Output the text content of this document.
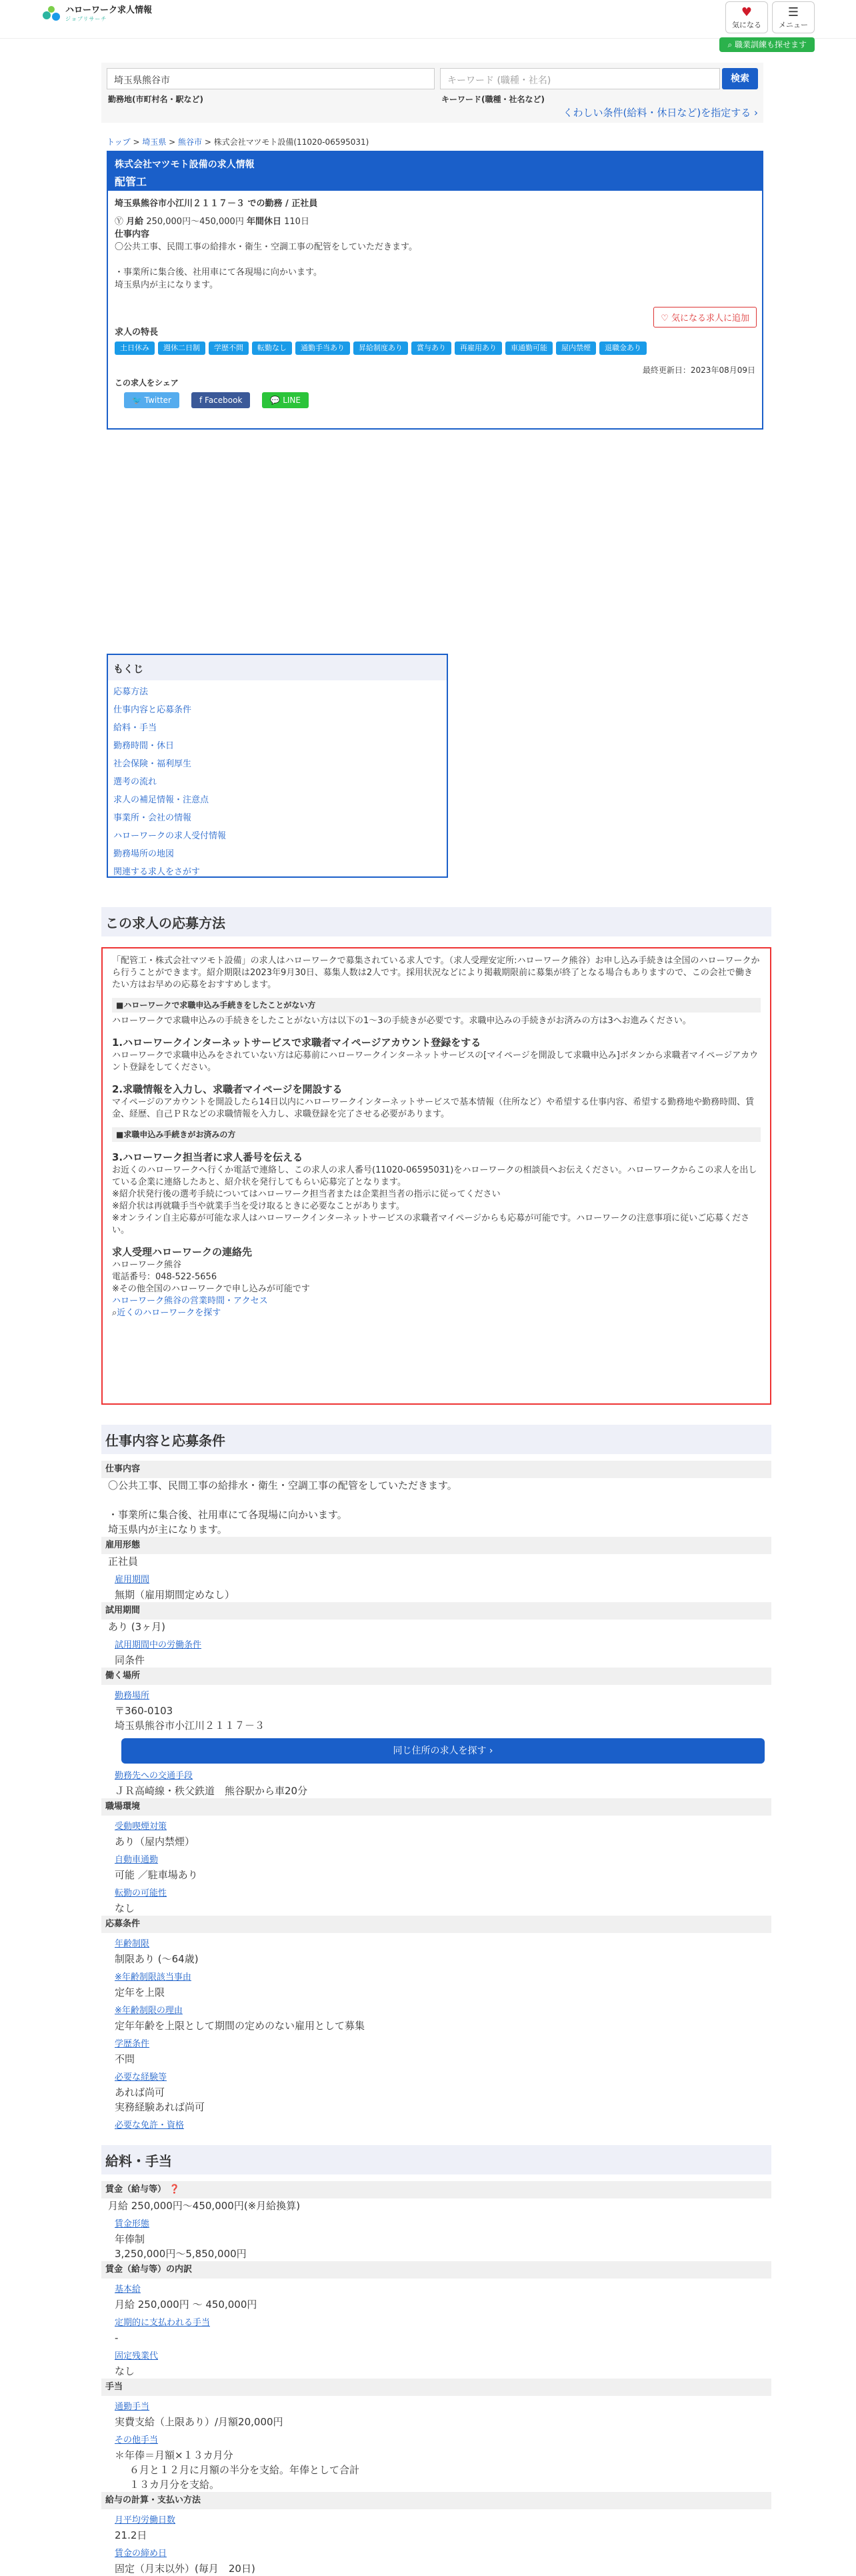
ハローワーク求人情報
ジョブリサーチ	♥
気になる
☰
メニュー
⌕ 職業訓練も探せます
埼玉県熊谷市	キーワード (職種・社名)	検索
勤務地(市町村名・駅など)	キーワード(職種・社名など)
くわしい条件(給料・休日など)を指定する ›
トップ > 埼玉県 > 熊谷市 > 株式会社マツモト設備(11020-06595031)
株式会社マツモト設備の求人情報
配管工
埼玉県熊谷市小江川２１１７－３ での勤務 / 正社員
Ⓨ 月給 250,000円〜450,000円 年間休日 110日
仕事内容
〇公共工事、民間工事の給排水・衛生・空調工事の配管をしていただきます。
・事業所に集合後、社用車にて各現場に向かいます。
埼玉県内が主になります。
求人の特長
土日休み	週休二日制	学歴不問	転勤なし	通勤手当あり	昇給制度あり	賞与あり	再雇用あり	車通勤可能	屋内禁煙	退職金あり
最終更新日：2023年08月09日
この求人をシェア
🐦 Twitter	f Facebook	💬 LINE
♡ 気になる求人に追加
もくじ
応募方法
仕事内容と応募条件
給料・手当
勤務時間・休日
社会保険・福利厚生
選考の流れ
求人の補足情報・注意点
事業所・会社の情報
ハローワークの求人受付情報
勤務場所の地図
関連する求人をさがす
この求人の応募方法

「配管工・株式会社マツモト設備」の求人はハローワークで募集されている求人です。（求人受理安定所:ハローワーク熊谷）お申し込み手続きは全国のハローワークから行うことができます。紹介期限は2023年9月30日、募集人数は2人です。採用状況などにより掲載期限前に募集が終了となる場合もありますので、この会社で働きたい方はお早めの応募をおすすめします。

■ハローワークで求職申込み手続きをしたことがない方

ハローワークで求職申込みの手続きをしたことがない方は以下の1〜3の手続きが必要です。求職申込みの手続きがお済みの方は3へお進みください。

1.ハローワークインターネットサービスで求職者マイページアカウント登録をする

ハローワークで求職申込みをされていない方は応募前にハローワークインターネットサービスの[マイページを開設して求職申込み]ボタンから求職者マイページアカウント登録をしてください。

2.求職情報を入力し、求職者マイページを開設する

マイページのアカウントを開設したら14日以内にハローワークインターネットサービスで基本情報（住所など）や希望する仕事内容、希望する勤務地や勤務時間、賃金、経歴、自己ＰＲなどの求職情報を入力し、求職登録を完了させる必要があります。

■求職申込み手続きがお済みの方
3.ハローワーク担当者に求人番号を伝える

お近くのハローワークへ行くか電話で連絡し、この求人の求人番号(11020-06595031)をハローワークの相談員へお伝えください。ハローワークからこの求人を出している企業に連絡したあと、紹介状を発行してもらい応募完了となります。

※紹介状発行後の選考手続についてはハローワーク担当者または企業担当者の指示に従ってください

※紹介状は再就職手当や就業手当を受け取るときに必要なことがあります。

※オンライン自主応募が可能な求人はハローワークインターネットサービスの求職者マイページからも応募が可能です。ハローワークの注意事項に従いご応募ください。

求人受理ハローワークの連絡先

ハローワーク熊谷

電話番号：048-522-5656

※その他全国のハローワークで申し込みが可能です

ハローワーク熊谷の営業時間・アクセス

⌕近くのハローワークを探す

仕事内容と応募条件
仕事内容
〇公共工事、民間工事の給排水・衛生・空調工事の配管をしていただきます。
・事業所に集合後、社用車にて各現場に向かいます。
埼玉県内が主になります。
雇用形態
正社員
雇用期間
無期（雇用期間定めなし）
試用期間
あり (3ヶ月)
試用期間中の労働条件
同条件
働く場所
勤務場所
〒360-0103
埼玉県熊谷市小江川２１１７－３
同じ住所の求人を探す ›
勤務先への交通手段
ＪＲ高崎線・秩父鉄道　熊谷駅から車20分
職場環境
受動喫煙対策
あり（屋内禁煙）
自動車通勤
可能 ／駐車場あり
転勤の可能性
なし
応募条件
年齢制限
制限あり (〜64歳)
※年齢制限該当事由
定年を上限
※年齢制限の理由
定年年齢を上限として期間の定めのない雇用として募集
学歴条件
不問
必要な経験等
あれば尚可
実務経験あれば尚可
必要な免許・資格
給料・手当
賃金（給与等） ❓
月給 250,000円〜450,000円(※月給換算)
賃金形態
年俸制
3,250,000円〜5,850,000円
賃金（給与等）の内訳
基本給
月給 250,000円 〜 450,000円
定期的に支払われる手当
-
固定残業代
なし
手当
通勤手当
実費支給（上限あり）/月額20,000円
その他手当
＊年俸＝月額×１３カ月分
６月と１２月に月額の半分を支給。年俸として合計
１３カ月分を支給。
給与の計算・支払い方法
月平均労働日数
21.2日
賃金の締め日
固定（月末以外）(毎月　20日)
